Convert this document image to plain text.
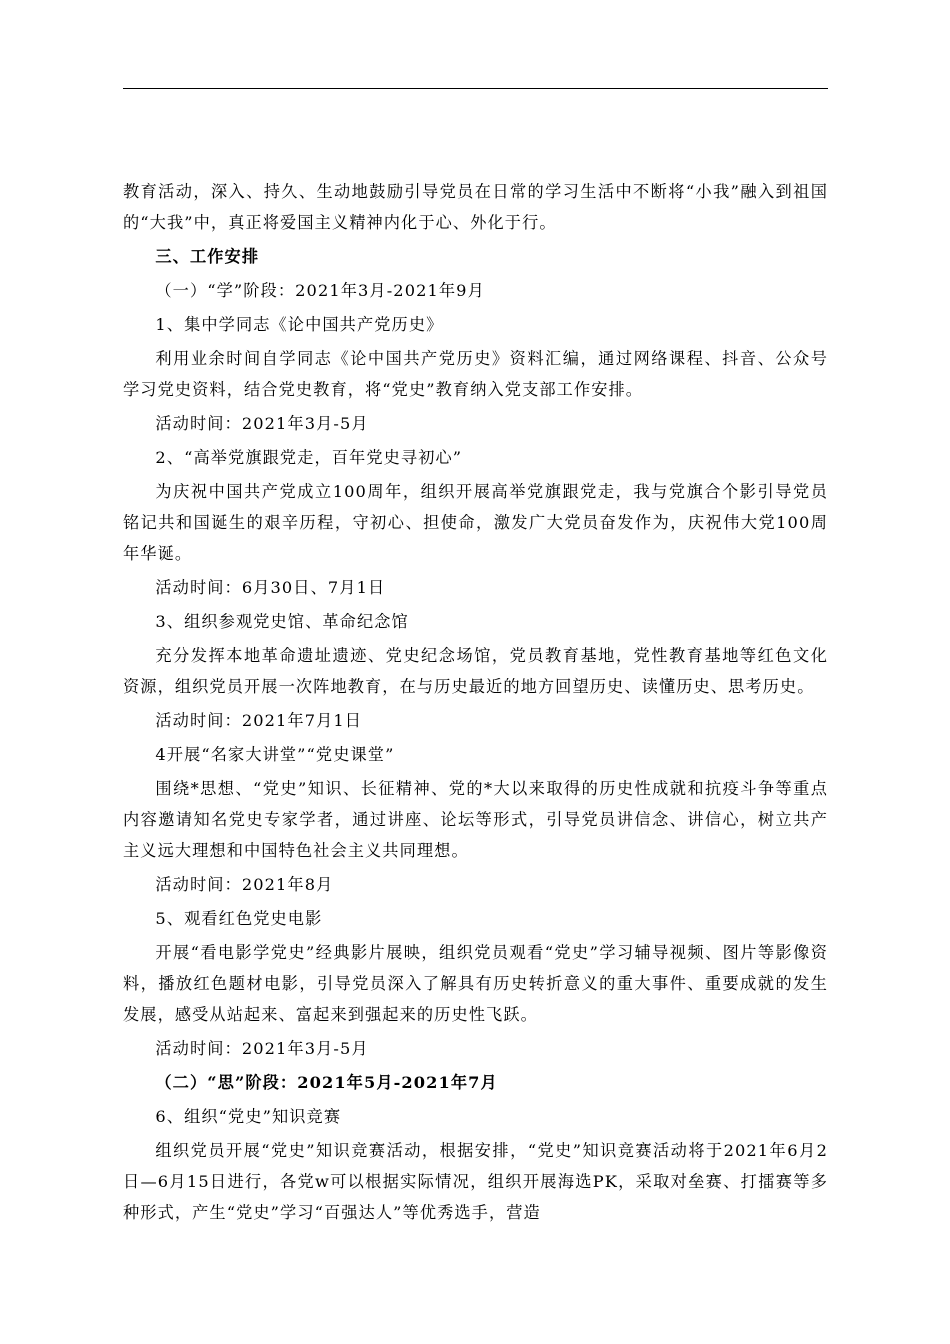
教育活动，深入、持久、生动地鼓励引导党员在日常的学习生活中不断将“小我”融入到祖国的“大我”中，真正将爱国主义精神内化于心、外化于行。

三、工作安排

（一）“学”阶段：2021年3月-2021年9月

1、集中学同志《论中国共产党历史》

利用业余时间自学同志《论中国共产党历史》资料汇编，通过网络课程、抖音、公众号学习党史资料，结合党史教育，将“党史”教育纳入党支部工作安排。

活动时间：2021年3月-5月

2、“高举党旗跟党走，百年党史寻初心”

为庆祝中国共产党成立100周年，组织开展高举党旗跟党走，我与党旗合个影引导党员铭记共和国诞生的艰辛历程，守初心、担使命，激发广大党员奋发作为，庆祝伟大党100周年华诞。

活动时间：6月30日、7月1日

3、组织参观党史馆、革命纪念馆

充分发挥本地革命遗址遗迹、党史纪念场馆，党员教育基地，党性教育基地等红色文化资源，组织党员开展一次阵地教育，在与历史最近的地方回望历史、读懂历史、思考历史。

活动时间：2021年7月1日

4开展“名家大讲堂”“党史课堂”

围绕*思想、“党史”知识、长征精神、党的*大以来取得的历史性成就和抗疫斗争等重点内容邀请知名党史专家学者，通过讲座、论坛等形式，引导党员讲信念、讲信心，树立共产主义远大理想和中国特色社会主义共同理想。

活动时间：2021年8月

5、观看红色党史电影

开展“看电影学党史”经典影片展映，组织党员观看“党史”学习辅导视频、图片等影像资料，播放红色题材电影，引导党员深入了解具有历史转折意义的重大事件、重要成就的发生发展，感受从站起来、富起来到强起来的历史性飞跃。

活动时间：2021年3月-5月

（二）“思”阶段：2021年5月-2021年7月

6、组织“党史”知识竞赛

组织党员开展“党史”知识竞赛活动，根据安排，“党史”知识竞赛活动将于2021年6月2日—6月15日进行，各党w可以根据实际情况，组织开展海选PK，采取对垒赛、打擂赛等多种形式，产生“党史”学习“百强达人”等优秀选手，营造
